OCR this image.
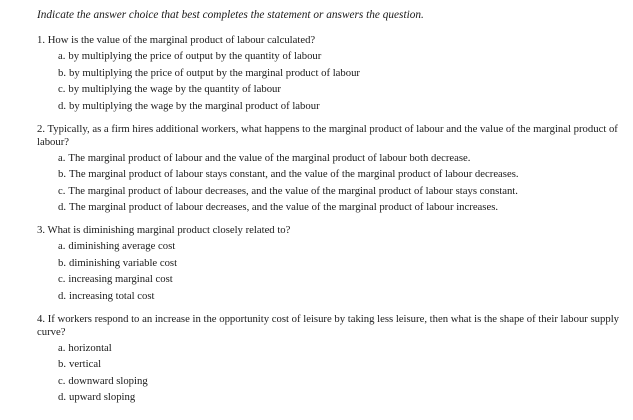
Indicate the answer choice that best completes the statement or answers the question.
1. How is the value of the marginal product of labour calculated?
a. by multiplying the price of output by the quantity of labour
b. by multiplying the price of output by the marginal product of labour
c. by multiplying the wage by the quantity of labour
d. by multiplying the wage by the marginal product of labour
2. Typically, as a firm hires additional workers, what happens to the marginal product of labour and the value of the marginal product of labour?
a. The marginal product of labour and the value of the marginal product of labour both decrease.
b. The marginal product of labour stays constant, and the value of the marginal product of labour decreases.
c. The marginal product of labour decreases, and the value of the marginal product of labour stays constant.
d. The marginal product of labour decreases, and the value of the marginal product of labour increases.
3. What is diminishing marginal product closely related to?
a. diminishing average cost
b. diminishing variable cost
c. increasing marginal cost
d. increasing total cost
4. If workers respond to an increase in the opportunity cost of leisure by taking less leisure, then what is the shape of their labour supply curve?
a. horizontal
b. vertical
c. downward sloping
d. upward sloping
